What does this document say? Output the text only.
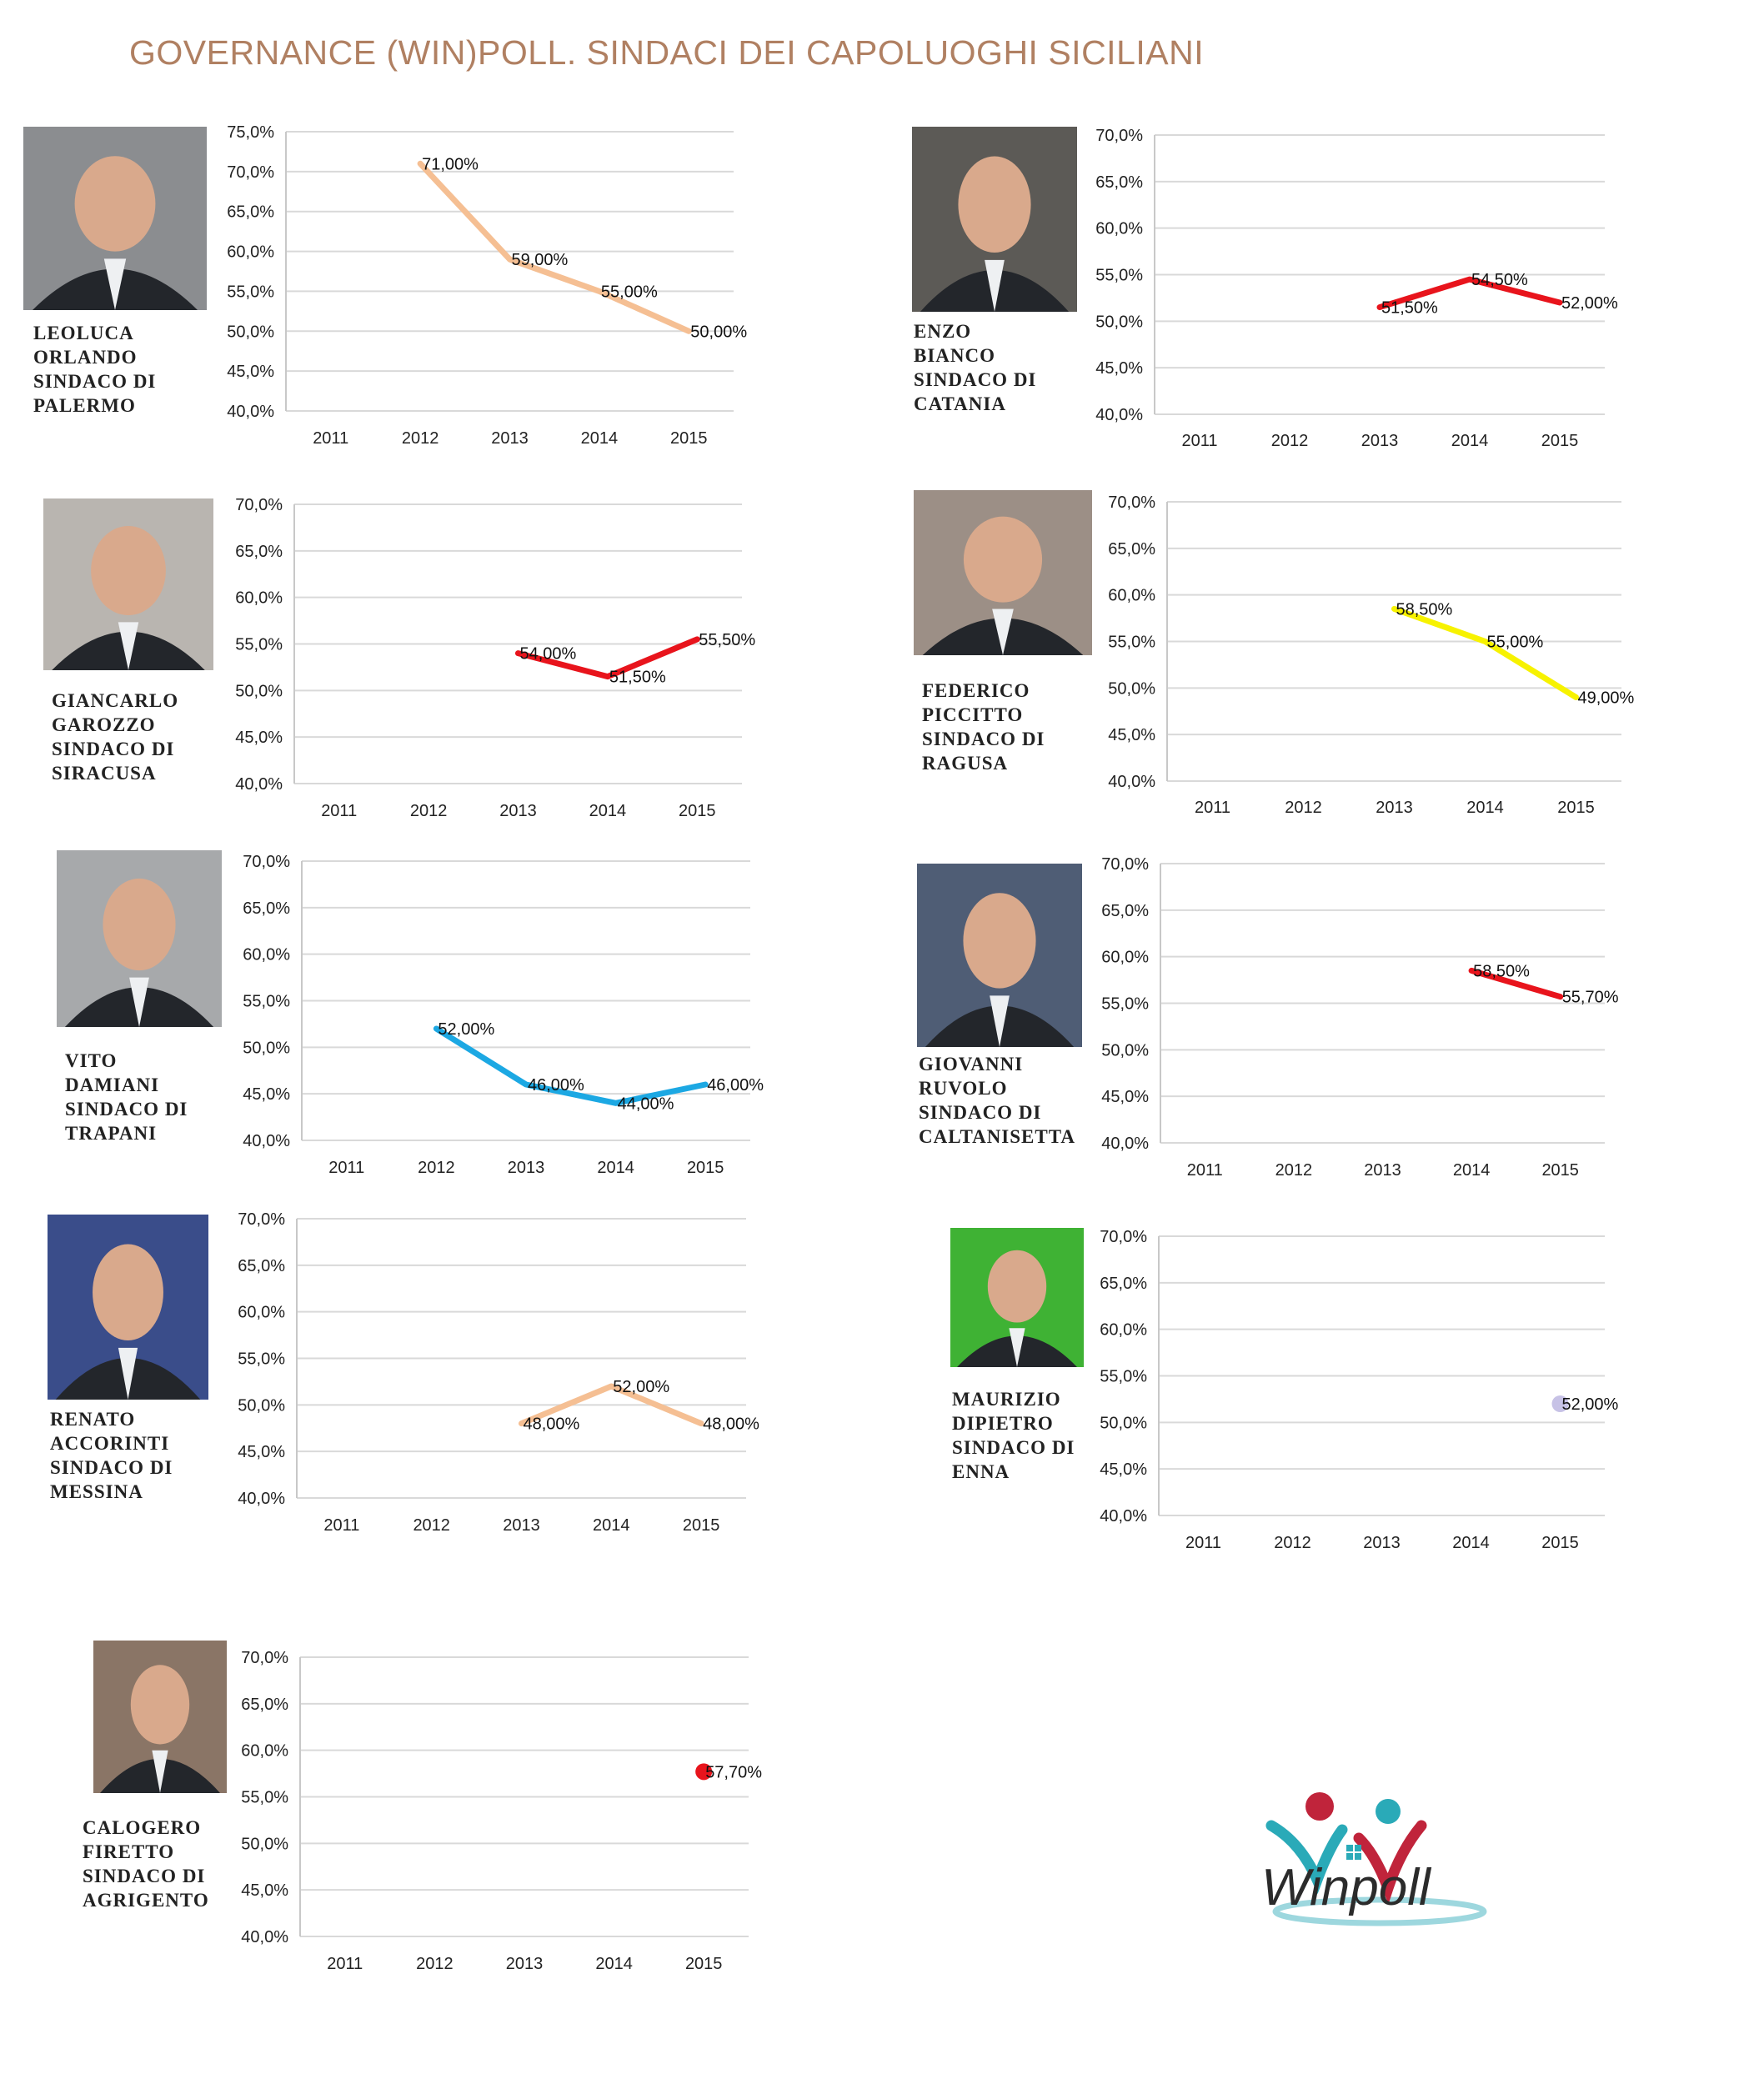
GOVERNANCE (WIN)POLL. SINDACI DEI CAPOLUOGHI SICILIANI
75,0%
70,0%
65,0%
60,0%
55,0%
50,0%
45,0%
40,0%
2011	2012	2013	2014	2015
71,00%
59,00%
55,00%
50,00%
70,0%
65,0%
60,0%
55,0%
50,0%
45,0%
40,0%
2011	2012	2013	2014	2015
51,50%
54,50%
52,00%
70,0%
65,0%
60,0%
55,0%
50,0%
45,0%
40,0%
2011	2012	2013	2014	2015
54,00%
51,50%
55,50%
70,0%
65,0%
60,0%
55,0%
50,0%
45,0%
40,0%
2011	2012	2013	2014	2015
58,50%
55,00%
49,00%
70,0%
65,0%
60,0%
55,0%
50,0%
45,0%
40,0%
2011	2012	2013	2014	2015
52,00%
46,00%
44,00%
46,00%
70,0%
65,0%
60,0%
55,0%
50,0%
45,0%
40,0%
2011	2012	2013	2014	2015
58,50%
55,70%
70,0%
65,0%
60,0%
55,0%
50,0%
45,0%
40,0%
2011	2012	2013	2014	2015
48,00%
52,00%
48,00%
70,0%
65,0%
60,0%
55,0%
50,0%
45,0%
40,0%
2011	2012	2013	2014	2015
52,00%
70,0%
65,0%
60,0%
55,0%
50,0%
45,0%
40,0%
2011	2012	2013	2014	2015
57,70%
LEOLUCA
ORLANDO
SINDACO DI
PALERMO
ENZO
BIANCO
SINDACO DI
CATANIA
GIANCARLO
GAROZZO
SINDACO DI
SIRACUSA
FEDERICO
PICCITTO
SINDACO DI
RAGUSA
VITO
DAMIANI
SINDACO DI
TRAPANI
GIOVANNI
RUVOLO
SINDACO DI
CALTANISETTA
RENATO
ACCORINTI
SINDACO DI
MESSINA
MAURIZIO
DIPIETRO
SINDACO DI
ENNA
CALOGERO
FIRETTO
SINDACO DI
AGRIGENTO	Winpoll
